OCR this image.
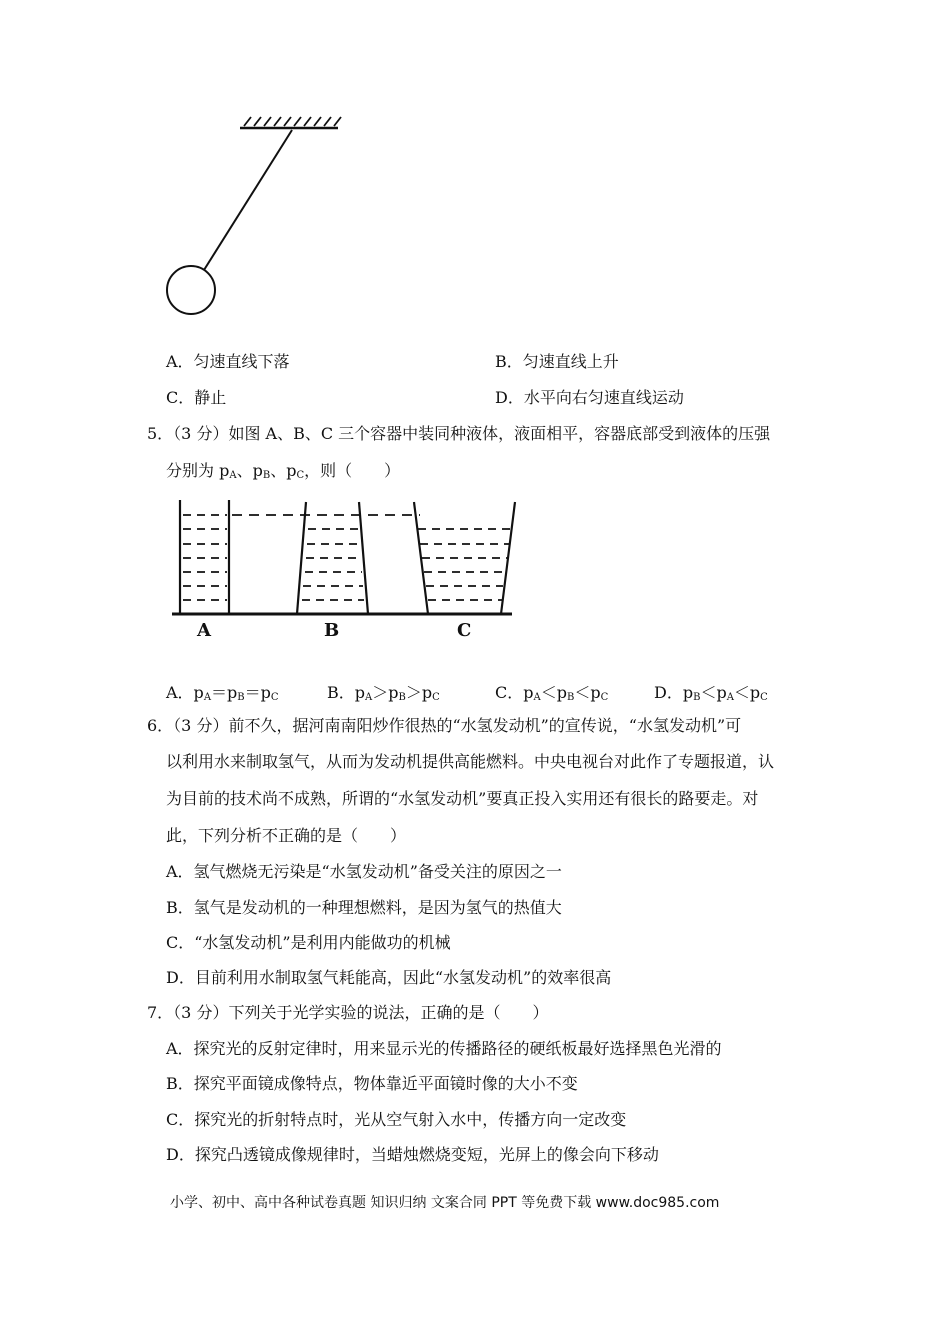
A．匀速直线下落	B．匀速直线上升
C．静止	D．水平向右匀速直线运动
5．（3 分）如图 A、B、C 三个容器中装同种液体，液面相平，容器底部受到液体的压强
分别为 $p_A$、$p_B$、$p_C$，则（　　）
A	B	C
A．$p_A=p_B=p_C$	B．$p_A>p_B>p_C$	C．$p_A<p_B<p_C$	D．$p_B<p_A<p_C$
6．（3 分）前不久，据河南南阳炒作很热的“水氢发动机”的宣传说，“水氢发动机”可
以利用水来制取氢气，从而为发动机提供高能燃料。中央电视台对此作了专题报道，认
为目前的技术尚不成熟，所谓的“水氢发动机”要真正投入实用还有很长的路要走。对
此，下列分析不正确的是（　　）
A．氢气燃烧无污染是“水氢发动机”备受关注的原因之一
B．氢气是发动机的一种理想燃料，是因为氢气的热值大
C．“水氢发动机”是利用内能做功的机械
D．目前利用水制取氢气耗能高，因此“水氢发动机”的效率很高
7．（3 分）下列关于光学实验的说法，正确的是（　　）
A．探究光的反射定律时，用来显示光的传播路径的硬纸板最好选择黑色光滑的
B．探究平面镜成像特点，物体靠近平面镜时像的大小不变
C．探究光的折射特点时，光从空气射入水中，传播方向一定改变
D．探究凸透镜成像规律时，当蜡烛燃烧变短，光屏上的像会向下移动
小学、初中、高中各种试卷真题 知识归纳 文案合同 PPT 等免费下载 www.doc985.com
